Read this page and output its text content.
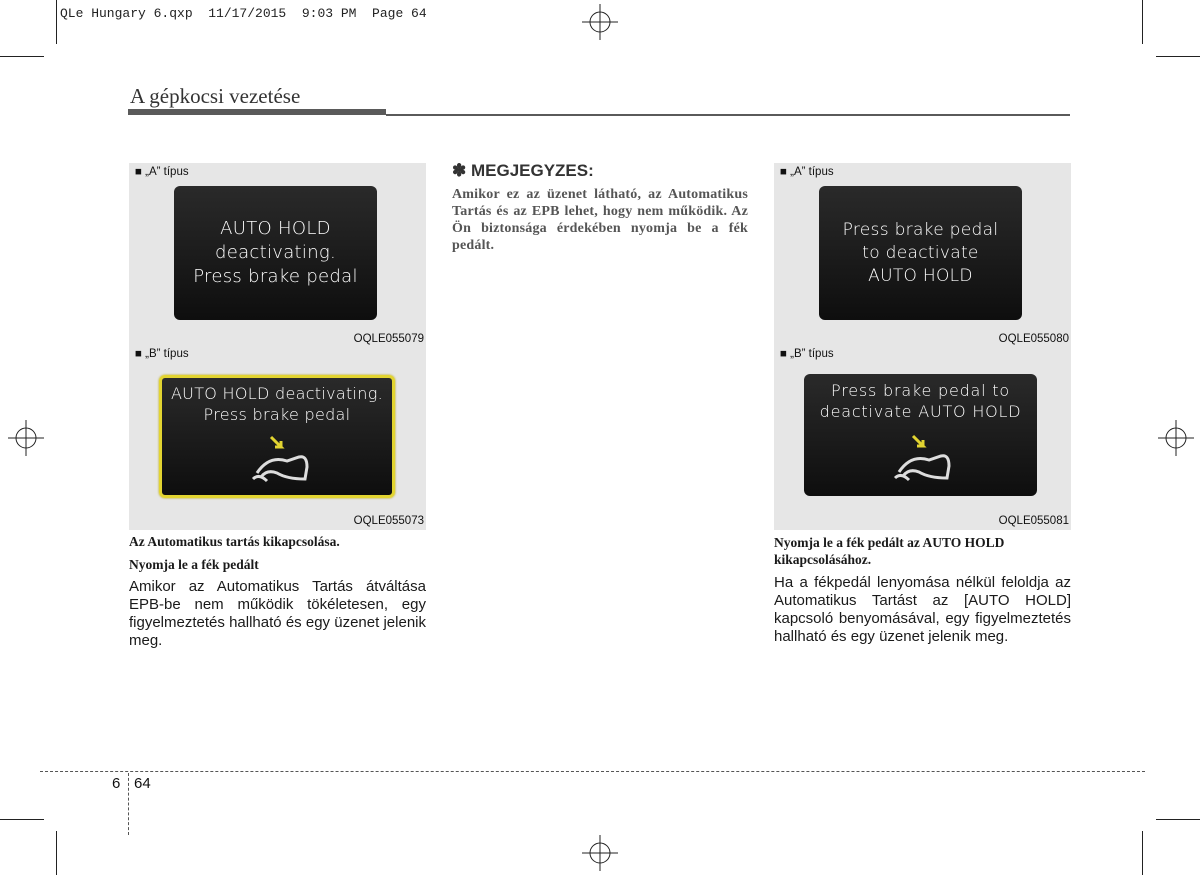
QLe Hungary 6.qxp  11/17/2015  9:03 PM  Page 64
A gépkocsi vezetése
■ „A” típus
AUTO HOLD
deactivating.
Press brake pedal
OQLE055079
■ „B” típus
AUTO HOLD deactivating.
Press brake pedal
OQLE055073
Az Automatikus tartás kikapcsolása.
Nyomja le a fék pedált
Amikor az Automatikus Tartás átváltása EPB-be nem működik tökéletesen, egy figyelmeztetés hallható és egy üzenet jelenik meg.
✽ MEGJEGYZES:
Amikor ez az üzenet látható, az Automatikus Tartás és az EPB lehet, hogy nem működik. Az Ön biztonsága érdekében nyomja be a fék pedált.
■ „A” típus
Press brake pedal
to deactivate
AUTO HOLD
OQLE055080
■ „B” típus
Press brake pedal to
deactivate AUTO HOLD
OQLE055081
Nyomja le a fék pedált az AUTO HOLD kikapcsolásához.
Ha a fékpedál lenyomása nélkül feloldja az Automatikus Tartást az [AUTO HOLD] kapcsoló benyomásával, egy figyelmeztetés hallható és egy üzenet jelenik meg.
6 64
